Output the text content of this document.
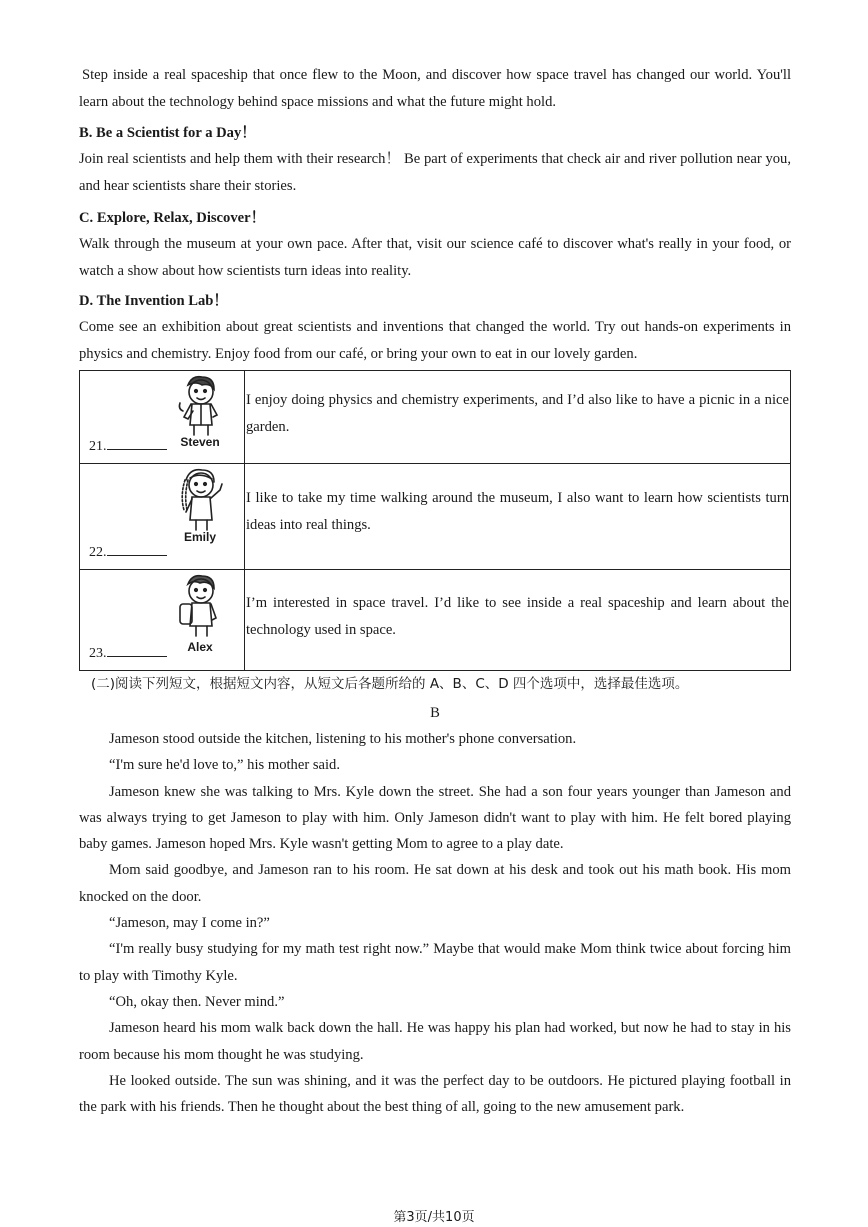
Step inside a real spaceship that once flew to the Moon, and discover how space travel has changed our world. You'll learn about the technology behind space missions and what the future might hold.

B. Be a Scientist for a Day！

Join real scientists and help them with their research！ Be part of experiments that check air and river pollution near you, and hear scientists share their stories.

C. Explore, Relax, Discover！

Walk through the museum at your own pace. After that, visit our science café to discover what's really in your food, or watch a show about how scientists turn ideas into reality.

D. The Invention Lab！

Come see an exhibition about great scientists and inventions that changed the world. Try out hands-on experiments in physics and chemistry. Enjoy food from our café, or bring your own to eat in our lovely garden.

Steven
21.	I enjoy doing physics and chemistry experiments, and I’d also like to have a picnic in a nice garden.

Emily
22.	I like to take my time walking around the museum, I also want to learn how scientists turn ideas into real things.

Alex
23.	I’m interested in space travel. I’d like to see inside a real spaceship and learn about the technology used in space.

(二)阅读下列短文，根据短文内容，从短文后各题所给的 A、B、C、D 四个选项中，选择最佳选项。
B

Jameson stood outside the kitchen, listening to his mother's phone conversation.

“I'm sure he'd love to,” his mother said.

Jameson knew she was talking to Mrs. Kyle down the street. She had a son four years younger than Jameson and was always trying to get Jameson to play with him. Only Jameson didn't want to play with him. He felt bored playing baby games. Jameson hoped Mrs. Kyle wasn't getting Mom to agree to a play date.

Mom said goodbye, and Jameson ran to his room. He sat down at his desk and took out his math book. His mom knocked on the door.

“Jameson, may I come in?”

“I'm really busy studying for my math test right now.” Maybe that would make Mom think twice about forcing him to play with Timothy Kyle.

“Oh, okay then. Never mind.”

Jameson heard his mom walk back down the hall. He was happy his plan had worked, but now he had to stay in his room because his mom thought he was studying.

He looked outside. The sun was shining, and it was the perfect day to be outdoors. He pictured playing football in the park with his friends. Then he thought about the best thing of all, going to the new amusement park.

第3页/共10页
